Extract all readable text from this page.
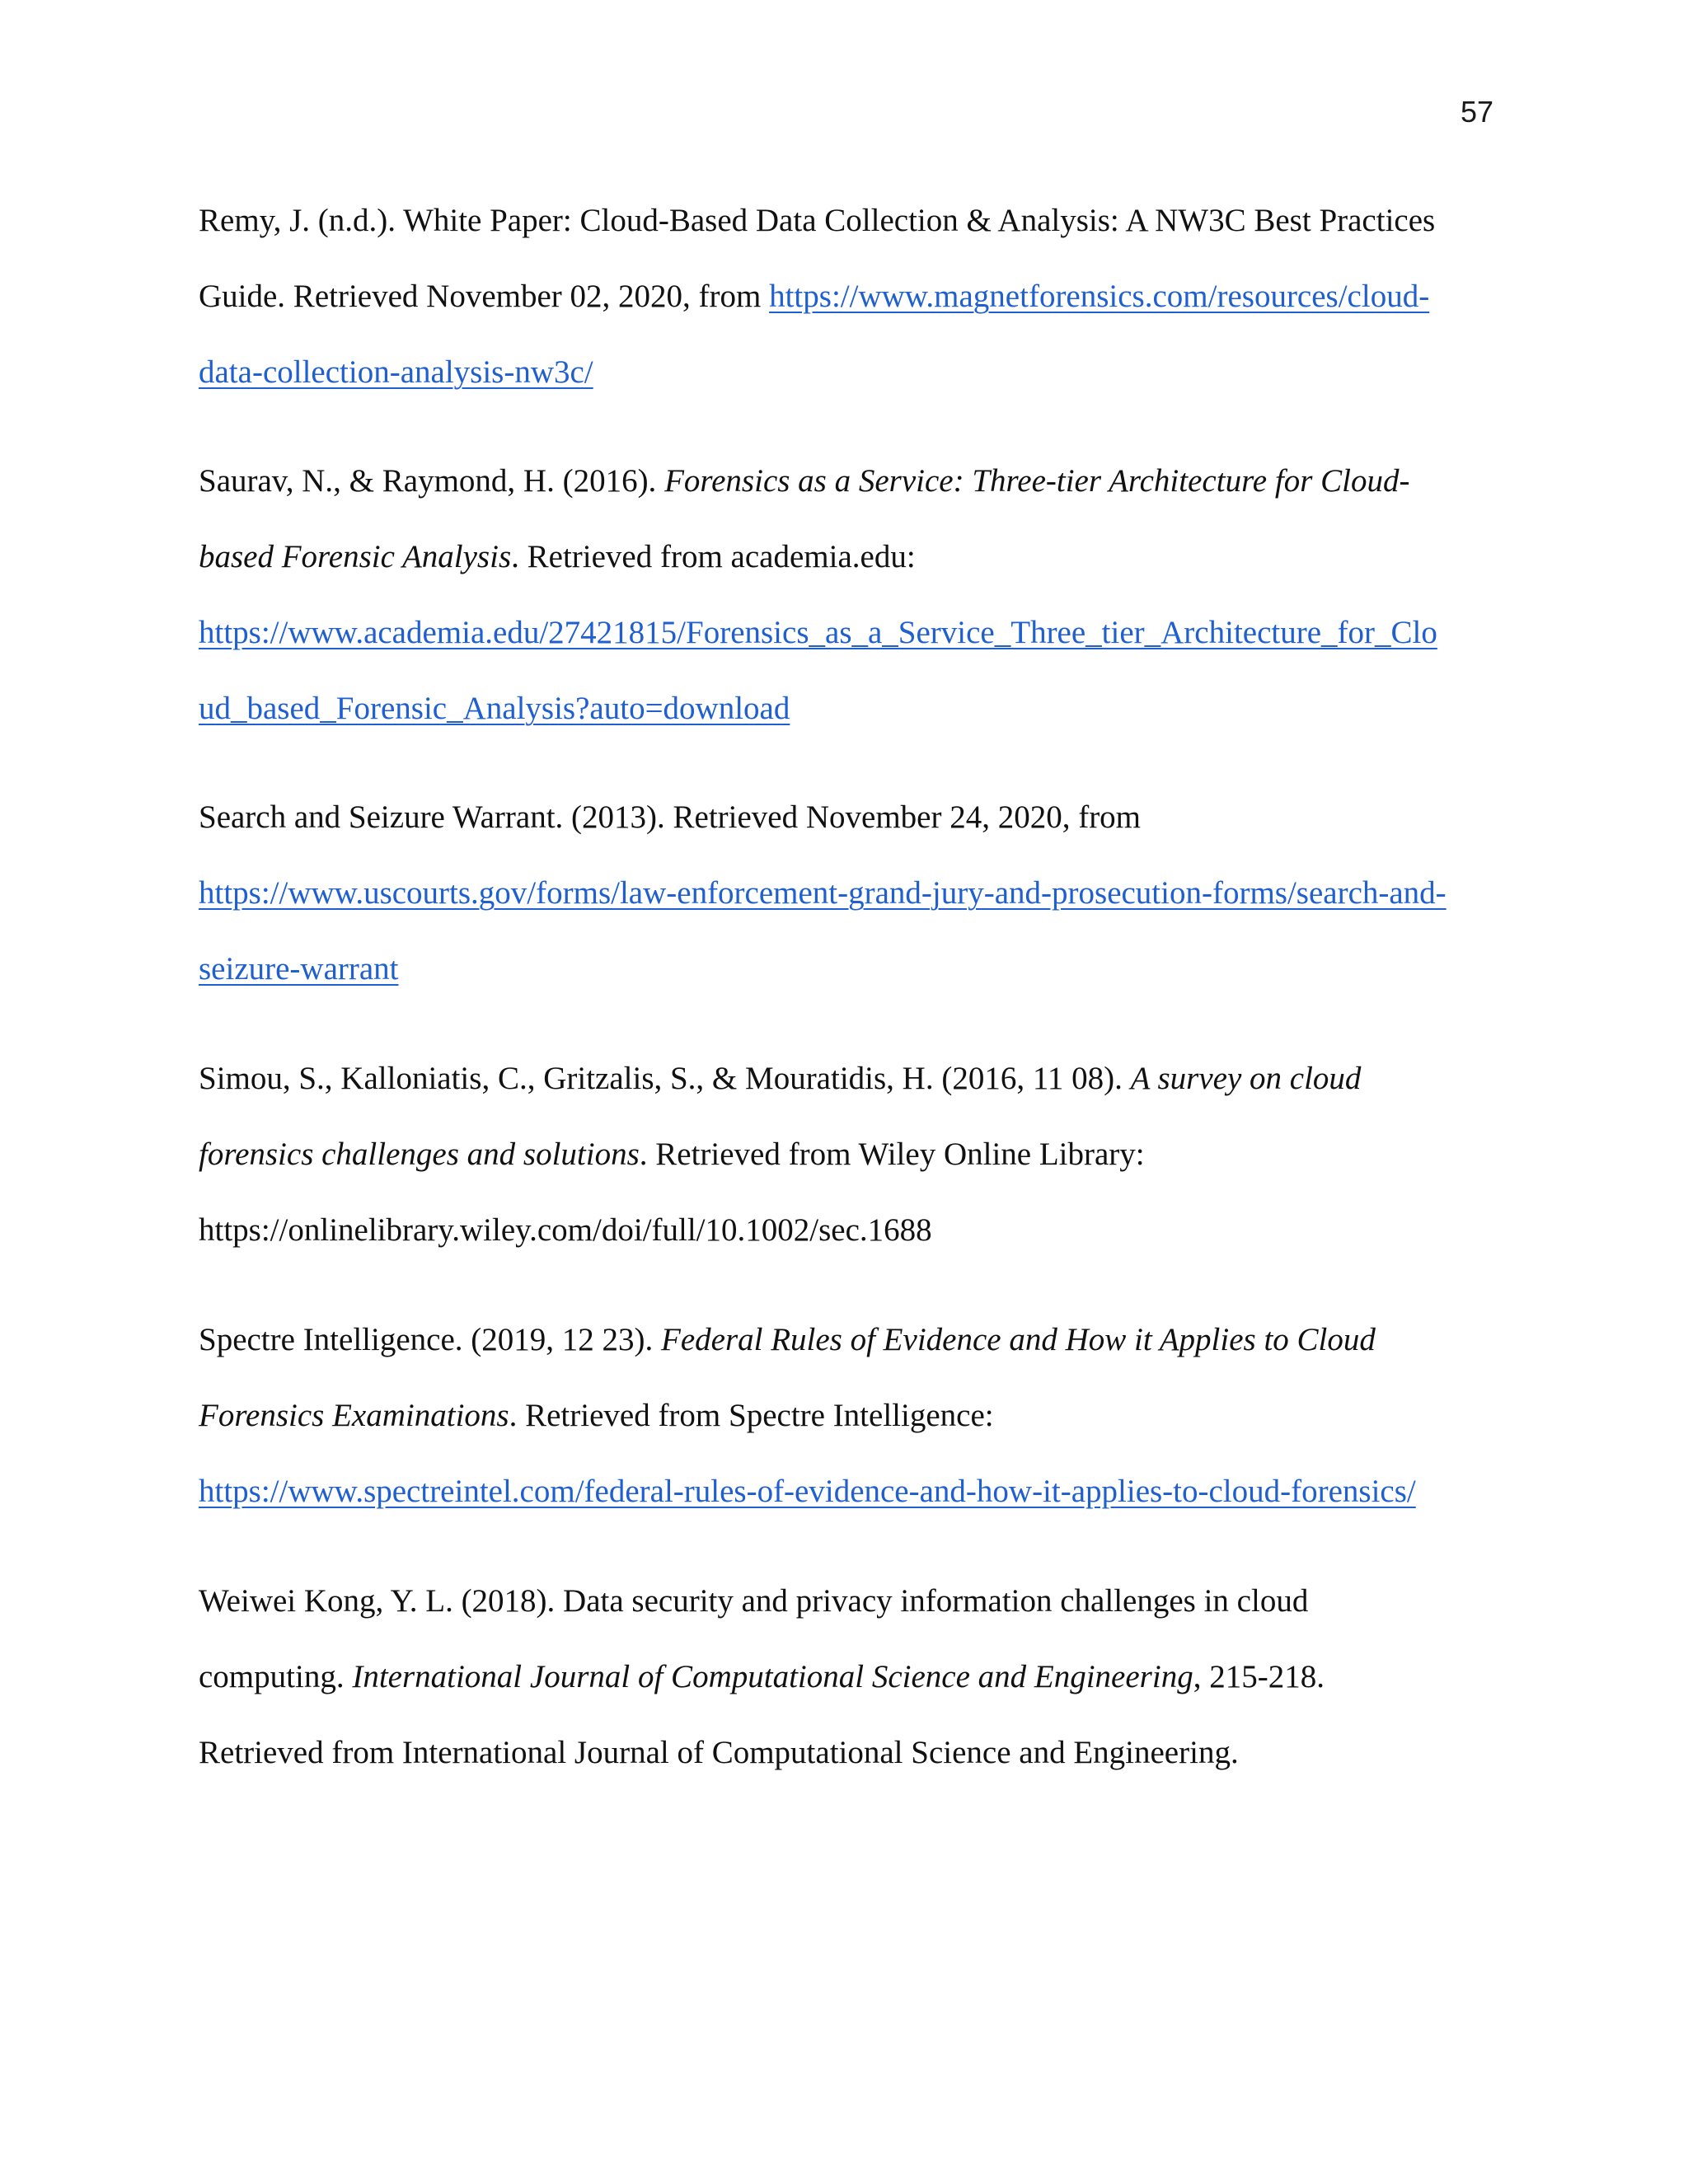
57
Remy, J. (n.d.). White Paper: Cloud-Based Data Collection & Analysis: A NW3C Best Practices
Guide. Retrieved November 02, 2020, from https://www.magnetforensics.com/resources/cloud-
data-collection-analysis-nw3c/
Saurav, N., & Raymond, H. (2016). Forensics as a Service: Three-tier Architecture for Cloud-
based Forensic Analysis. Retrieved from academia.edu:
https://www.academia.edu/27421815/Forensics_as_a_Service_Three_tier_Architecture_for_Clo
ud_based_Forensic_Analysis?auto=download
Search and Seizure Warrant. (2013). Retrieved November 24, 2020, from
https://www.uscourts.gov/forms/law-enforcement-grand-jury-and-prosecution-forms/search-and-
seizure-warrant
Simou, S., Kalloniatis, C., Gritzalis, S., & Mouratidis, H. (2016, 11 08). A survey on cloud
forensics challenges and solutions. Retrieved from Wiley Online Library:
https://onlinelibrary.wiley.com/doi/full/10.1002/sec.1688
Spectre Intelligence. (2019, 12 23). Federal Rules of Evidence and How it Applies to Cloud
Forensics Examinations. Retrieved from Spectre Intelligence:
https://www.spectreintel.com/federal-rules-of-evidence-and-how-it-applies-to-cloud-forensics/
Weiwei Kong, Y. L. (2018). Data security and privacy information challenges in cloud
computing. International Journal of Computational Science and Engineering, 215-218.
Retrieved from International Journal of Computational Science and Engineering.
